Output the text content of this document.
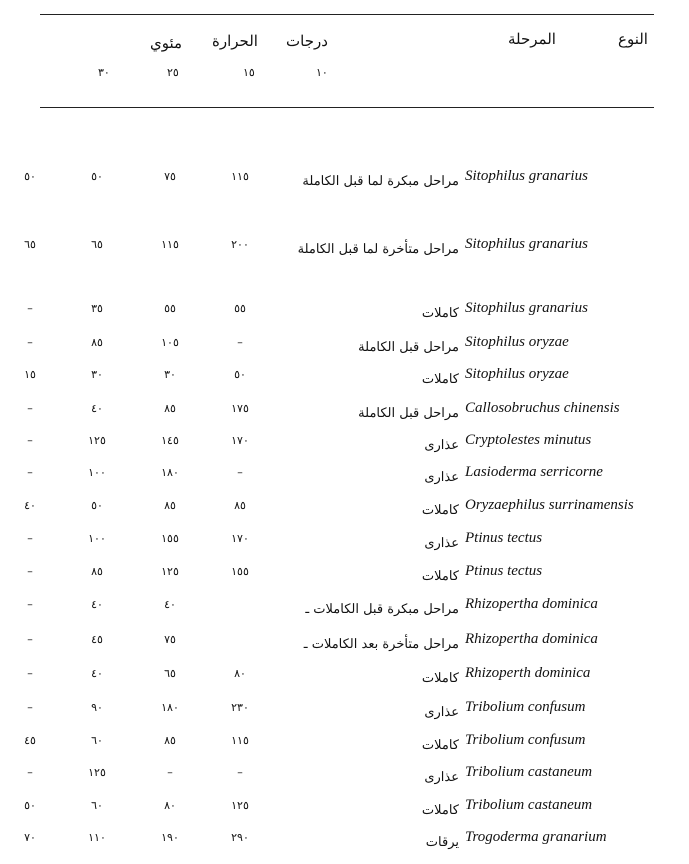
النوع
المرحلة
درجات
الحرارة
مئوي
١٠
١٥
٢٥
٣٠
Sitophilus granarius
مراحل مبكرة لما قبل الكاملة
١١٥
٧٥
٥٠
٥٠
Sitophilus granarius
مراحل متأخرة لما قبل الكاملة
٢٠٠
١١٥
٦٥
٦٥
Sitophilus granarius
كاملات
٥٥
٥٥
٣٥
–
Sitophilus oryzae
مراحل قبل الكاملة
–
١٠٥
٨٥
–
Sitophilus oryzae
كاملات
٥٠
٣٠
٣٠
١٥
Callosobruchus chinensis
مراحل قبل الكاملة
١٧٥
٨٥
٤٠
–
Cryptolestes minutus
عذارى
١٧٠
١٤٥
١٢٥
–
Lasioderma serricorne
عذارى
–
١٨٠
١٠٠
–
Oryzaephilus surrinamensis
كاملات
٨٥
٨٥
٥٠
٤٠
Ptinus tectus
عذارى
١٧٠
١٥٥
١٠٠
–
Ptinus tectus
كاملات
١٥٥
١٢٥
٨٥
–
Rhizopertha dominica
مراحل مبكرة قبل الكاملات ـ
٤٠
٤٠
–
Rhizopertha dominica
مراحل متأخرة بعد الكاملات ـ
٧٥
٤٥
–
Rhizoperth dominica
كاملات
٨٠
٦٥
٤٠
–
Tribolium confusum
عذارى
٢٣٠
١٨٠
٩٠
–
Tribolium confusum
كاملات
١١٥
٨٥
٦٠
٤٥
Tribolium castaneum
عذارى
–
–
١٢٥
–
Tribolium castaneum
كاملات
١٢٥
٨٠
٦٠
٥٠
Trogoderma granarium
يرقات
٢٩٠
١٩٠
١١٠
٧٠
